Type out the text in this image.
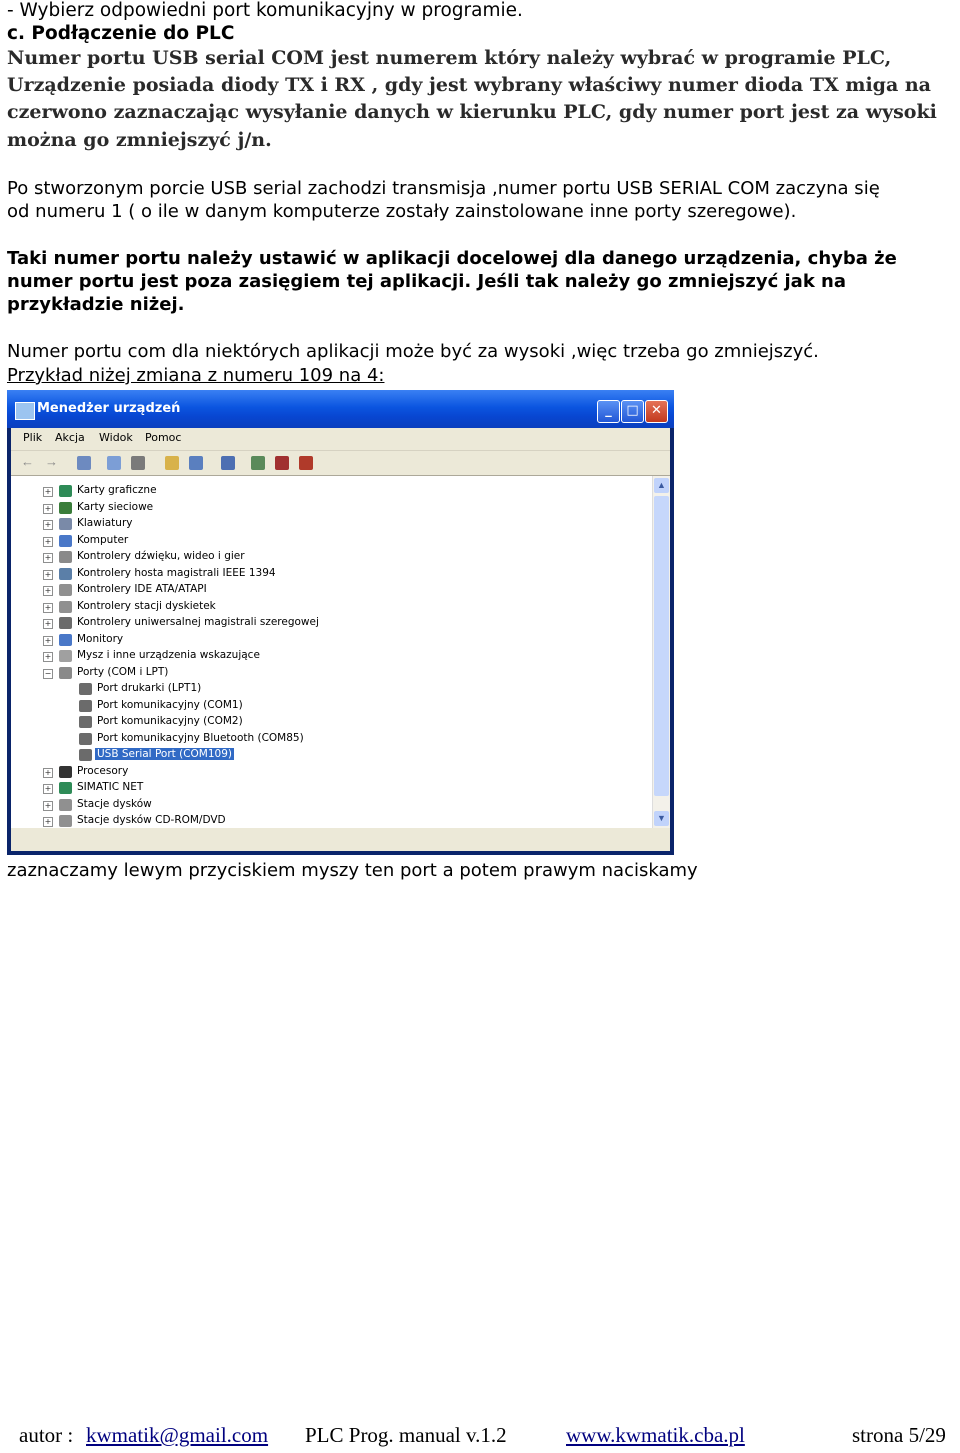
- Wybierz odpowiedni port komunikacyjny w programie.

c. Podłączenie do PLC

Numer portu USB serial COM jest numerem który należy wybrać w programie PLC,

Urządzenie posiada diody TX i RX , gdy jest wybrany właściwy numer dioda TX miga na

czerwono zaznaczając wysyłanie danych w kierunku PLC, gdy numer port jest za wysoki

można go zmniejszyć j/n.

Po stworzonym porcie USB serial zachodzi transmisja ,numer portu USB SERIAL COM zaczyna się

od numeru 1 ( o ile w danym komputerze zostały zainstolowane inne porty szeregowe).

Taki numer portu należy ustawić w aplikacji docelowej dla danego urządzenia, chyba że

numer portu jest poza zasięgiem tej aplikacji. Jeśli tak należy go zmniejszyć jak na

przykładzie niżej.

Numer portu com dla niektórych aplikacji może być za wysoki ,więc trzeba go zmniejszyć.

Przykład niżej zmiana z numeru 109 na 4:

Menedżer urządzeń	_	□ ✕
Plik Akcja Widok Pomoc
← →
+ Karty graficzne
+ Karty sieciowe
+ Klawiatury
+ Komputer
+ Kontrolery dźwięku, wideo i gier
+ Kontrolery hosta magistrali IEEE 1394
+ Kontrolery IDE ATA/ATAPI
+ Kontrolery stacji dyskietek
+ Kontrolery uniwersalnej magistrali szeregowej
+ Monitory
+ Mysz i inne urządzenia wskazujące
− Porty (COM i LPT)
Port drukarki (LPT1)
Port komunikacyjny (COM1)
Port komunikacyjny (COM2)
Port komunikacyjny Bluetooth (COM85)
USB Serial Port (COM109)
+ Procesory
+ SIMATIC NET
+ Stacje dysków
+ Stacje dysków CD-ROM/DVD
▲
▼

zaznaczamy lewym przyciskiem myszy ten port a potem prawym naciskamy

autor : kwmatik@gmail.com PLC Prog. manual v.1.2	www.kwmatik.cba.pl	strona 5/29
